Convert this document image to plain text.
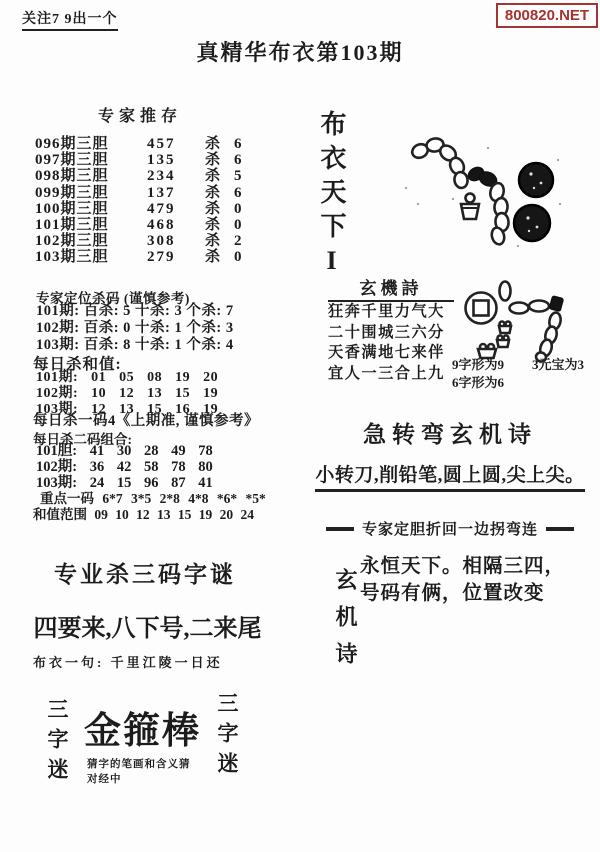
关注7 9出一个	800820.NET
真精华布衣第103期
专家推存
096期三胆	457	杀 6
097期三胆	135	杀 6
098期三胆	234	杀 5
099期三胆	137	杀 6
100期三胆	479	杀 0
101期三胆	468	杀 0
102期三胆	308	杀 2
103期三胆	279	杀 0
专家定位杀码 (谨慎参考)
101期: 百杀: 5 十杀: 3 个杀: 7
102期: 百杀: 0 十杀: 1 个杀: 3
103期: 百杀: 8 十杀: 1 个杀: 4
每日杀和值:
101期: 01 05 08 19 20
102期: 10 12 13 15 19
103期: 12 13 15 16 19
每日杀一码4《上期准, 谨慎参考》
每日杀二码组合:
101胆: 41 30 28 49 78
102期: 36 42 58 78 80
103期: 24 15 96 87 41
重点一码 6*7 3*5 2*8 4*8 *6* *5*
和值范围 09 10 12 13 15 19 20 24
专业杀三码字谜
四要来,八下号,二来尾
布衣一句: 千里江陵一日还
三字迷 金箍棒
猜字的笔画和含义猜
对经中	三字迷
布衣天下I
玄機詩
狂奔千里力气大
二十围城三六分
天香满地七来伴
宜人一三合上九 9字形为9 3元宝为3
6字形为6
急转弯玄机诗
小转刀,削铅笔,圆上圆,尖上尖。
专家定胆折回一边拐弯连
玄机诗
永恒天下。相隔三四，
号码有俩，位置改变
